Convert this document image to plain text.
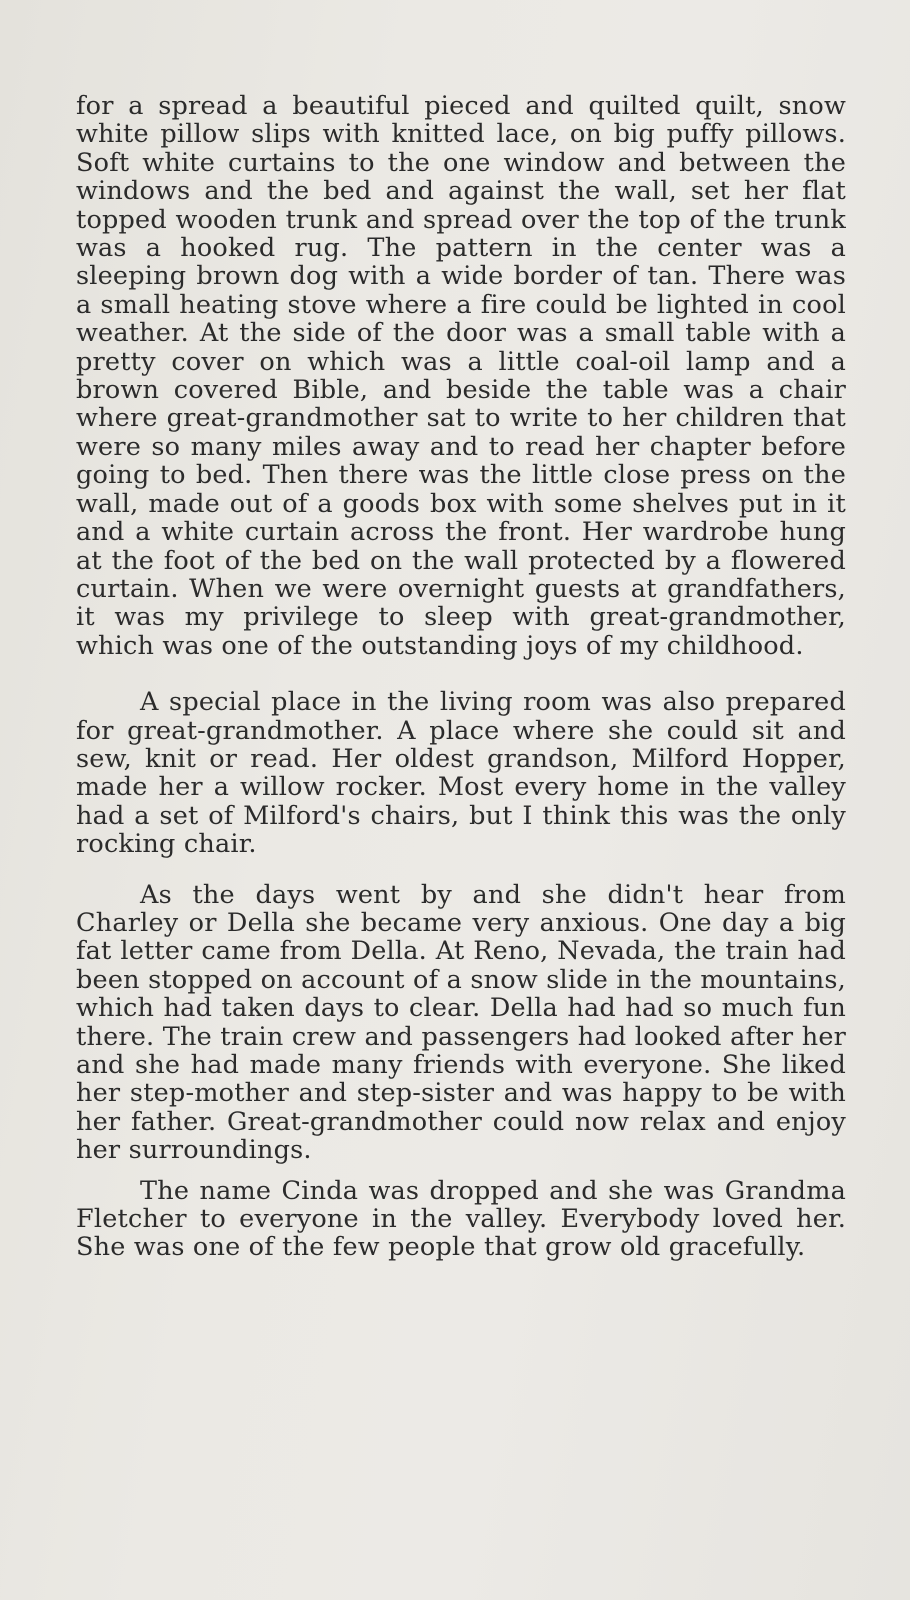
for a spread a beautiful pieced and quilted quilt, snow white pillow slips with knitted lace, on big puffy pillows. Soft white curtains to the one window and between the windows and the bed and against the wall, set her flat topped wooden trunk and spread over the top of the trunk was a hooked rug. The pattern in the center was a sleeping brown dog with a wide border of tan. There was a small heating stove where a fire could be lighted in cool weather. At the side of the door was a small table with a pretty cover on which was a little coal-oil lamp and a brown covered Bible, and beside the table was a chair where great-grandmother sat to write to her children that were so many miles away and to read her chapter before going to bed. Then there was the little close press on the wall, made out of a goods box with some shelves put in it and a white curtain across the front. Her wardrobe hung at the foot of the bed on the wall protected by a flowered curtain. When we were overnight guests at grandfathers, it was my privilege to sleep with great-grandmother, which was one of the outstanding joys of my childhood.

A special place in the living room was also prepared for great-grandmother. A place where she could sit and sew, knit or read. Her oldest grandson, Milford Hopper, made her a willow rocker. Most every home in the valley had a set of Milford's chairs, but I think this was the only rocking chair.

As the days went by and she didn't hear from Charley or Della she became very anxious. One day a big fat letter came from Della. At Reno, Nevada, the train had been stopped on account of a snow slide in the mountains, which had taken days to clear. Della had had so much fun there. The train crew and passengers had looked after her and she had made many friends with everyone. She liked her step-mother and step-sister and was happy to be with her father. Great-grandmother could now relax and enjoy her surroundings.

The name Cinda was dropped and she was Grandma Fletcher to everyone in the valley. Everybody loved her. She was one of the few people that grow old gracefully.
